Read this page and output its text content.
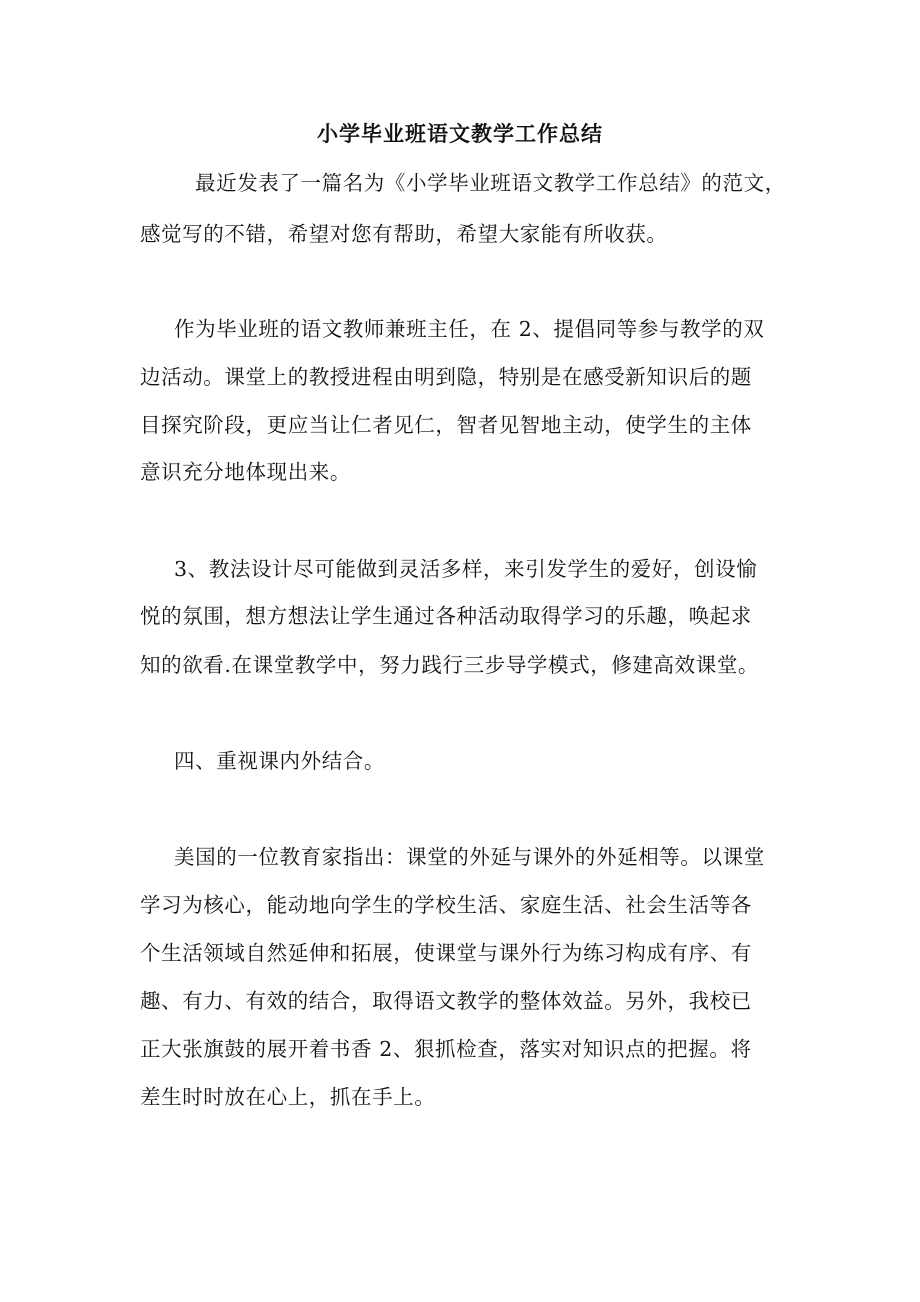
小学毕业班语文教学工作总结

最近发表了一篇名为《小学毕业班语文教学工作总结》的范文，

感觉写的不错，希望对您有帮助，希望大家能有所收获。

作为毕业班的语文教师兼班主任，在 2、提倡同等参与教学的双

边活动。课堂上的教授进程由明到隐，特别是在感受新知识后的题

目探究阶段，更应当让仁者见仁，智者见智地主动，使学生的主体

意识充分地体现出来。

3、教法设计尽可能做到灵活多样，来引发学生的爱好，创设愉

悦的氛围，想方想法让学生通过各种活动取得学习的乐趣，唤起求

知的欲看.在课堂教学中，努力践行三步导学模式，修建高效课堂。

四、重视课内外结合。

美国的一位教育家指出：课堂的外延与课外的外延相等。以课堂

学习为核心，能动地向学生的学校生活、家庭生活、社会生活等各

个生活领域自然延伸和拓展，使课堂与课外行为练习构成有序、有

趣、有力、有效的结合，取得语文教学的整体效益。另外，我校已

正大张旗鼓的展开着书香 2、狠抓检查，落实对知识点的把握。将

差生时时放在心上，抓在手上。
